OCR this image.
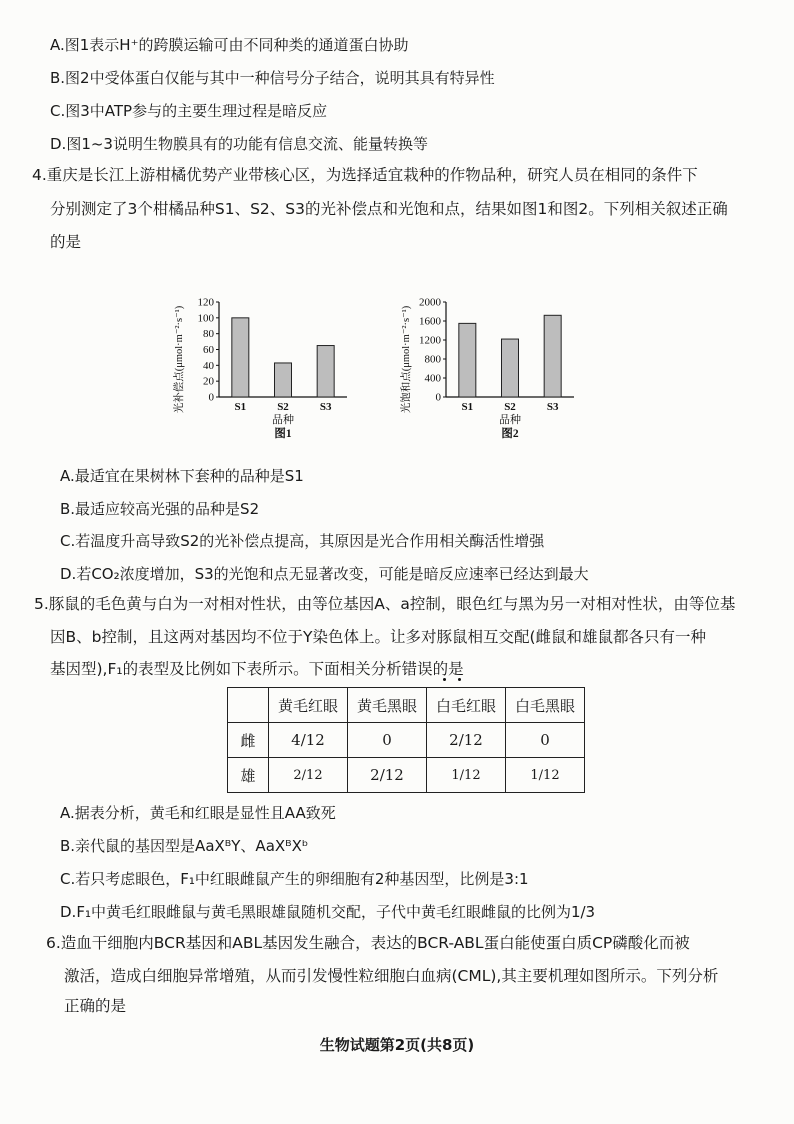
A.图1表示H⁺的跨膜运输可由不同种类的通道蛋白协助
B.图2中受体蛋白仅能与其中一种信号分子结合，说明其具有特异性
C.图3中ATP参与的主要生理过程是暗反应
D.图1~3说明生物膜具有的功能有信息交流、能量转换等
4.重庆是长江上游柑橘优势产业带核心区，为选择适宜栽种的作物品种，研究人员在相同的条件下
分别测定了3个柑橘品种S1、S2、S3的光补偿点和光饱和点，结果如图1和图2。下列相关叙述正确
的是
0
20
40
60
80
100
120
S1	S2	S3
品种
图1
光补偿点(μmol·m⁻²·s⁻¹)	0
400
800
1200
1600
2000
S1	S2	S3
品种
图2
光饱和点(μmol·m⁻²·s⁻¹)
A.最适宜在果树林下套种的品种是S1
B.最适应较高光强的品种是S2
C.若温度升高导致S2的光补偿点提高，其原因是光合作用相关酶活性增强
D.若CO₂浓度增加，S3的光饱和点无显著改变，可能是暗反应速率已经达到最大
5.豚鼠的毛色黄与白为一对相对性状，由等位基因A、a控制，眼色红与黑为另一对相对性状，由等位基
因B、b控制，且这两对基因均不位于Y染色体上。让多对豚鼠相互交配(雌鼠和雄鼠都各只有一种
基因型),F₁的表型及比例如下表所示。下面相关分析错误的是
	黄毛红眼	黄毛黑眼	白毛红眼	白毛黑眼
雌	4/12	0	2/12	0
雄	2/12	2/12	1/12	1/12
A.据表分析，黄毛和红眼是显性且AA致死
B.亲代鼠的基因型是AaXᴮY、AaXᴮXᵇ
C.若只考虑眼色，F₁中红眼雌鼠产生的卵细胞有2种基因型，比例是3:1
D.F₁中黄毛红眼雌鼠与黄毛黑眼雄鼠随机交配，子代中黄毛红眼雌鼠的比例为1/3
6.造血干细胞内BCR基因和ABL基因发生融合，表达的BCR-ABL蛋白能使蛋白质CP磷酸化而被
激活，造成白细胞异常增殖，从而引发慢性粒细胞白血病(CML),其主要机理如图所示。下列分析
正确的是
生物试题第2页(共8页)
